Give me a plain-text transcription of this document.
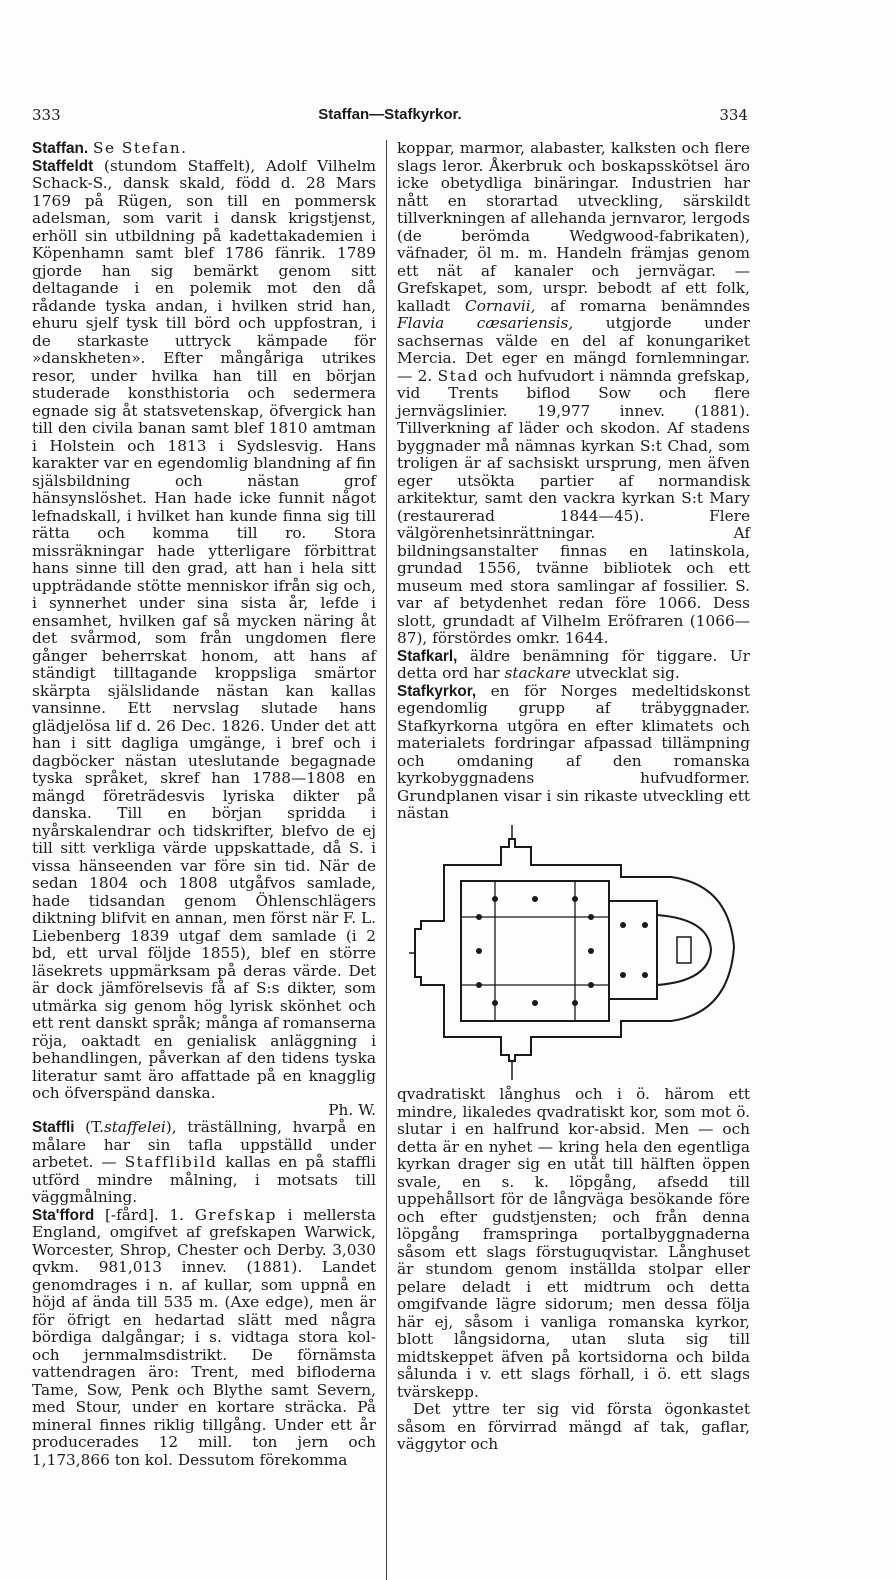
333	Staffan—Stafkyrkor.	334

Staffan. Se Stefan.

Staffeldt (stundom Staffelt), Adolf Vilhelm Schack-S., dansk skald, född d. 28 Mars 1769 på Rügen, son till en pommersk adelsman, som varit i dansk krigstjenst, erhöll sin utbildning på kadettakademien i Köpenhamn samt blef 1786 fänrik. 1789 gjorde han sig bemärkt genom sitt deltagande i en polemik mot den då rådande tyska andan, i hvilken strid han, ehuru sjelf tysk till börd och uppfostran, i de starkaste uttryck kämpade för »danskheten». Efter mångåriga utrikes resor, under hvilka han till en början studerade konsthistoria och sedermera egnade sig åt statsvetenskap, öfvergick han till den civila banan samt blef 1810 amtman i Holstein och 1813 i Sydslesvig. Hans karakter var en egendomlig blandning af fin själsbildning och nästan grof hänsynslöshet. Han hade icke funnit något lefnadskall, i hvilket han kunde finna sig till rätta och komma till ro. Stora missräkningar hade ytterligare förbittrat hans sinne till den grad, att han i hela sitt uppträdande stötte menniskor ifrån sig och, i synnerhet under sina sista år, lefde i ensamhet, hvilken gaf så mycken näring åt det svårmod, som från ungdomen flere gånger beherrskat honom, att hans af ständigt tilltagande kroppsliga smärtor skärpta själslidande nästan kan kallas vansinne. Ett nervslag slutade hans glädjelösa lif d. 26 Dec. 1826. Under det att han i sitt dagliga umgänge, i bref och i dagböcker nästan uteslutande begagnade tyska språket, skref han 1788—1808 en mängd företrädesvis lyriska dikter på danska. Till en början spridda i nyårskalendrar och tidskrifter, blefvo de ej till sitt verkliga värde uppskattade, då S. i vissa hänseenden var före sin tid. När de sedan 1804 och 1808 utgåfvos samlade, hade tidsandan genom Öhlenschlägers diktning blifvit en annan, men först när F. L. Liebenberg 1839 utgaf dem samlade (i 2 bd, ett urval följde 1855), blef en större läsekrets uppmärksam på deras värde. Det är dock jämförelsevis få af S:s dikter, som utmärka sig genom hög lyrisk skönhet och ett rent danskt språk; många af romanserna röja, oaktadt en genialisk anläggning i behandlingen, påverkan af den tidens tyska literatur samt äro affattade på en knagglig och öfverspänd danska.
Ph. W.

Staffli (T.staffelei), träställning, hvarpå en målare har sin tafla uppställd under arbetet. — Stafflibild kallas en på staffli utförd mindre målning, i motsats till väggmålning.

Sta'fford [-fård]. 1. Grefskap i mellersta England, omgifvet af grefskapen Warwick, Worcester, Shrop, Chester och Derby. 3,030 qvkm. 981,013 innev. (1881). Landet genomdrages i n. af kullar, som uppnå en höjd af ända till 535 m. (Axe edge), men är för öfrigt en hedartad slätt med några bördiga dalgångar; i s. vidtaga stora kol- och jernmalmsdistrikt. De förnämsta vattendragen äro: Trent, med bifloderna Tame, Sow, Penk och Blythe samt Severn, med Stour, under en kortare sträcka. På mineral finnes riklig tillgång. Under ett år producerades 12 mill. ton jern och 1,173,866 ton kol. Dessutom förekomma

koppar, marmor, alabaster, kalksten och flere slags leror. Åkerbruk och boskapsskötsel äro icke obetydliga binäringar. Industrien har nått en storartad utveckling, särskildt tillverkningen af allehanda jernvaror, lergods (de berömda Wedgwood-fabrikaten), väfnader, öl m. m. Handeln främjas genom ett nät af kanaler och jernvägar. — Grefskapet, som, urspr. bebodt af ett folk, kalladt Cornavii, af romarna benämndes Flavia cæsariensis, utgjorde under sachsernas välde en del af konungariket Mercia. Det eger en mängd fornlemningar. — 2. Stad och hufvudort i nämnda grefskap, vid Trents biflod Sow och flere jernvägslinier. 19,977 innev. (1881). Tillverkning af läder och skodon. Af stadens byggnader må nämnas kyrkan S:t Chad, som troligen är af sachsiskt ursprung, men äfven eger utsökta partier af normandisk arkitektur, samt den vackra kyrkan S:t Mary (restaurerad 1844—45). Flere välgörenhetsinrättningar. Af bildningsanstalter finnas en latinskola, grundad 1556, tvänne bibliotek och ett museum med stora samlingar af fossilier. S. var af betydenhet redan före 1066. Dess slott, grundadt af Vilhelm Eröfraren (1066—87), förstördes omkr. 1644.

Stafkarl, äldre benämning för tiggare. Ur detta ord har stackare utvecklat sig.

Stafkyrkor, en för Norges medeltidskonst egendomlig grupp af träbyggnader. Stafkyrkorna utgöra en efter klimatets och materialets fordringar afpassad tillämpning och omdaning af den romanska kyrkobyggnadens hufvudformer. Grundplanen visar i sin rikaste utveckling ett nästan

qvadratiskt långhus och i ö. härom ett mindre, likaledes qvadratiskt kor, som mot ö. slutar i en halfrund kor-absid. Men — och detta är en nyhet — kring hela den egentliga kyrkan drager sig en utåt till hälften öppen svale, en s. k. löpgång, afsedd till uppehållsort för de långväga besökande före och efter gudstjensten; och från denna löpgång framspringa portalbyggnaderna såsom ett slags förstuguqvistar. Långhuset är stundom genom inställda stolpar eller pelare deladt i ett midtrum och detta omgifvande lägre sidorum; men dessa följa här ej, såsom i vanliga romanska kyrkor, blott långsidorna, utan sluta sig till midtskeppet äfven på kortsidorna och bilda sålunda i v. ett slags förhall, i ö. ett slags tvärskepp.

Det yttre ter sig vid första ögonkastet såsom en förvirrad mängd af tak, gaflar, väggytor och
